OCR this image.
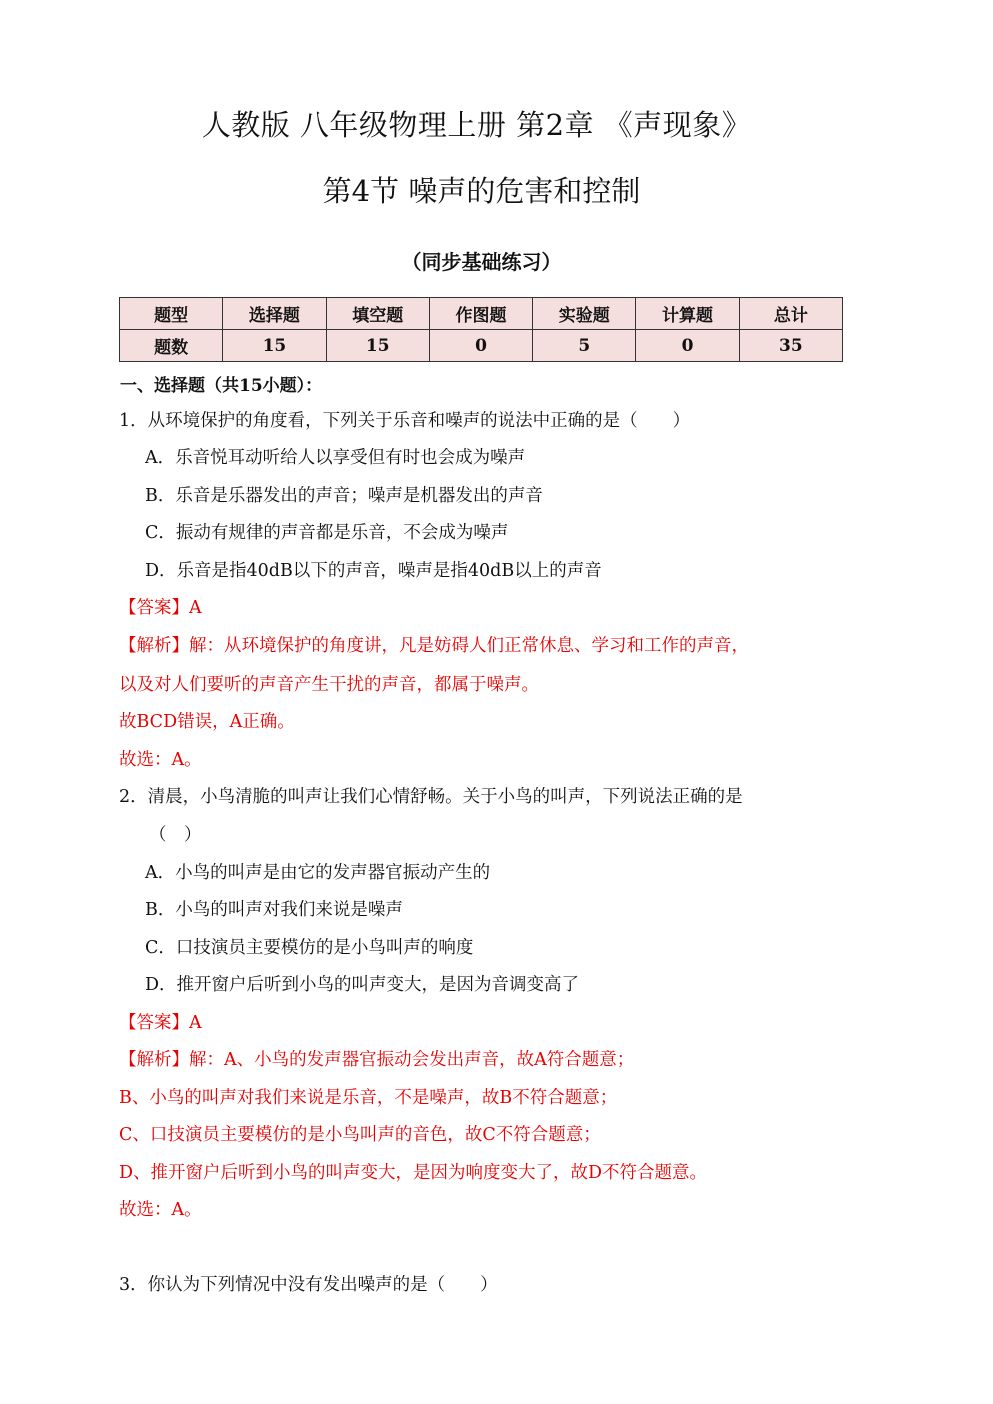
人教版 八年级物理上册 第2章 《声现象》
第4节 噪声的危害和控制
（同步基础练习）
题型	选择题	填空题	作图题	实验题	计算题	总计
题数	15	15	0	5	0	35
一、选择题（共15小题）：
1．从环境保护的角度看，下列关于乐音和噪声的说法中正确的是（　　）
A．乐音悦耳动听给人以享受但有时也会成为噪声
B．乐音是乐器发出的声音；噪声是机器发出的声音
C．振动有规律的声音都是乐音，不会成为噪声
D．乐音是指40dB以下的声音，噪声是指40dB以上的声音
【答案】A
【解析】解：从环境保护的角度讲，凡是妨碍人们正常休息、学习和工作的声音，
以及对人们要听的声音产生干扰的声音，都属于噪声。
故BCD错误，A正确。
故选：A。
2．清晨，小鸟清脆的叫声让我们心情舒畅。关于小鸟的叫声，下列说法正确的是
（　）
A．小鸟的叫声是由它的发声器官振动产生的
B．小鸟的叫声对我们来说是噪声
C．口技演员主要模仿的是小鸟叫声的响度
D．推开窗户后听到小鸟的叫声变大，是因为音调变高了
【答案】A
【解析】解：A、小鸟的发声器官振动会发出声音，故A符合题意；
B、小鸟的叫声对我们来说是乐音，不是噪声，故B不符合题意；
C、口技演员主要模仿的是小鸟叫声的音色，故C不符合题意；
D、推开窗户后听到小鸟的叫声变大，是因为响度变大了，故D不符合题意。
故选：A。
3．你认为下列情况中没有发出噪声的是（　　）
